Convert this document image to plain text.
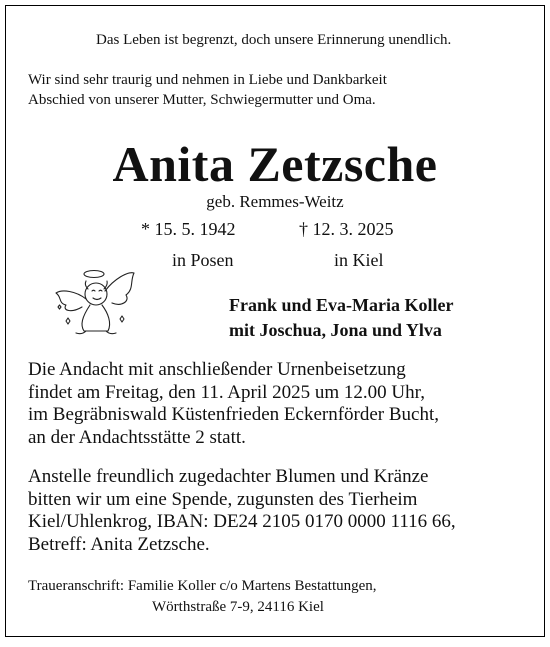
Das Leben ist begrenzt, doch unsere Erinnerung unendlich.
Wir sind sehr traurig und nehmen in Liebe und Dankbarkeit
Abschied von unserer Mutter, Schwiegermutter und Oma.
Anita Zetzsche
geb. Remmes-Weitz
* 15. 5. 1942	† 12. 3. 2025
in Posen	in Kiel
Frank und Eva-Maria Koller
mit Joschua, Jona und Ylva
Die Andacht mit anschließender Urnenbeisetzung
findet am Freitag, den 11. April 2025 um 12.00 Uhr,
im Begräbniswald Küstenfrieden Eckernförder Bucht,
an der Andachtsstätte 2 statt.
Anstelle freundlich zugedachter Blumen und Kränze
bitten wir um eine Spende, zugunsten des Tierheim
Kiel/Uhlenkrog, IBAN: DE24 2105 0170 0000 1116 66,
Betreff: Anita Zetzsche.
Traueranschrift: Familie Koller c/o Martens Bestattungen,
Wörthstraße 7-9, 24116 Kiel
